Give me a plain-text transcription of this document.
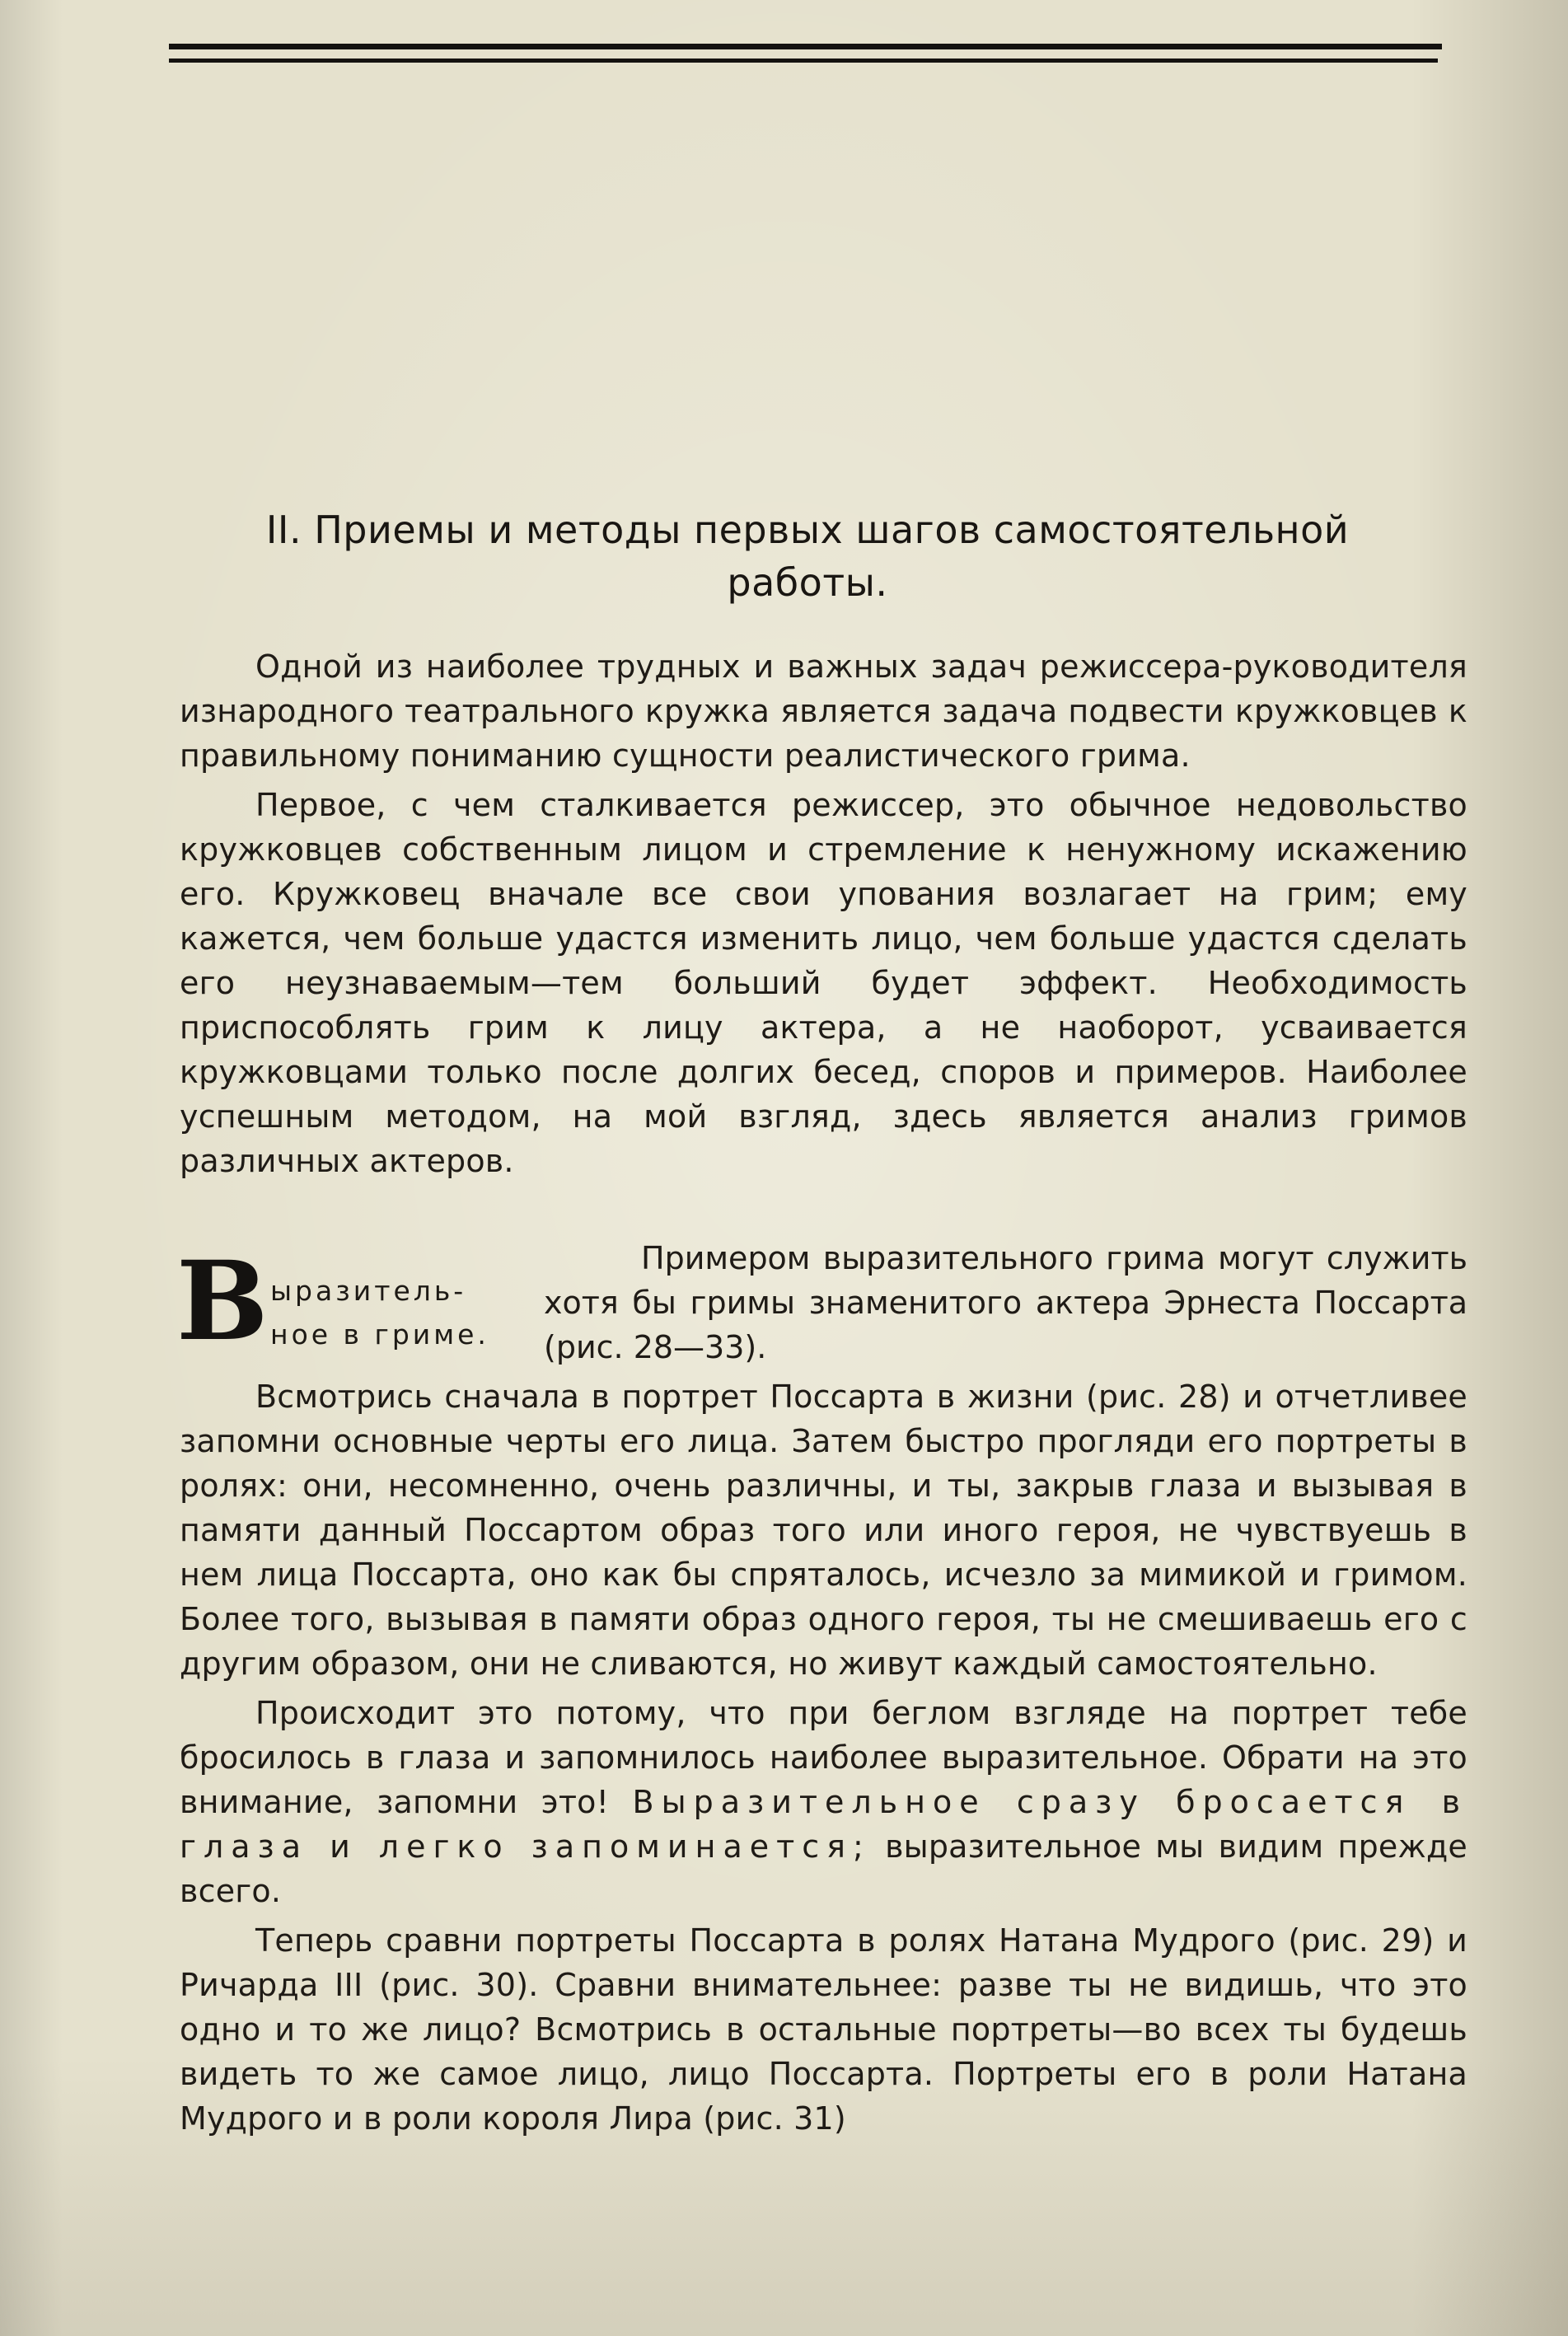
II. Приемы и методы первых шагов самостоятельной
работы.

Одной из наиболее трудных и важных задач режиссера-руководителя изнародного театрального кружка является задача подвести кружковцев к правильному пониманию сущности реалистического грима.

Первое, с чем сталкивается режиссер, это обычное недовольство кружковцев собственным лицом и стремление к ненужному искажению его. Кружковец вначале все свои упования возлагает на грим; ему кажется, чем больше удастся изменить лицо, чем больше удастся сделать его неузнаваемым—тем больший будет эффект. Необходимость приспособлять грим к лицу актера, а не наоборот, усваивается кружковцами только после долгих бесед, споров и примеров. Наиболее успешным методом, на мой взгляд, здесь является анализ гримов различных актеров.

В ыразитель-
ное в гриме.

Примером выразительного грима могут служить хотя бы гримы знаменитого актера Эрнеста Поссарта (рис. 28—33).

Всмотрись сначала в портрет Поссарта в жизни (рис. 28) и отчетливее запомни основные черты его лица. Затем быстро прогляди его портреты в ролях: они, несомненно, очень различны, и ты, закрыв глаза и вызывая в памяти данный Поссартом образ того или иного героя, не чувствуешь в нем лица Поссарта, оно как бы спряталось, исчезло за мимикой и гримом. Более того, вызывая в памяти образ одного героя, ты не смешиваешь его с другим образом, они не сливаются, но живут каждый самостоятельно.

Происходит это потому, что при беглом взгляде на портрет тебе бросилось в глаза и запомнилось наиболее выразительное. Обрати на это внимание, запомни это! Выразительное сразу бросается в глаза и легко запоминается; выразительное мы видим прежде всего.

Теперь сравни портреты Поссарта в ролях Натана Мудрого (рис. 29) и Ричарда III (рис. 30). Сравни внимательнее: разве ты не видишь, что это одно и то же лицо? Всмотрись в остальные портреты—во всех ты будешь видеть то же самое лицо, лицо Поссарта. Портреты его в роли Натана Мудрого и в роли короля Лира (рис. 31)
